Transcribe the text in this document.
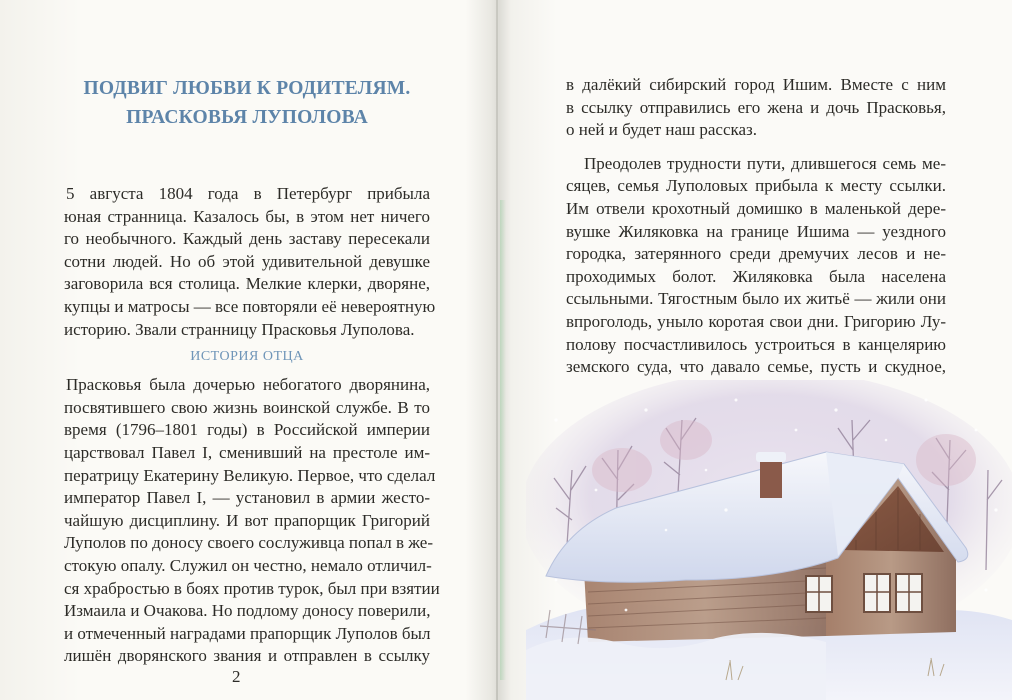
ПОДВИГ ЛЮБВИ К РОДИТЕЛЯМ.
ПРАСКОВЬЯ ЛУПОЛОВА
5 августа 1804 года в Петербург прибыла
юная странница. Казалось бы, в этом нет ничего
го необычного. Каждый день заставу пересекали
сотни людей. Но об этой удивительной девушке
заговорила вся столица. Мелкие клерки, дворяне,
купцы и матросы — все повторяли её невероятную
историю. Звали странницу Прасковья Луполова.
ИСТОРИЯ ОТЦА
Прасковья была дочерью небогатого дворянина,
посвятившего свою жизнь воинской службе. В то
время (1796–1801 годы) в Российской империи
царствовал Павел I, сменивший на престоле им-
ператрицу Екатерину Великую. Первое, что сделал
император Павел I, — установил в армии жесто-
чайшую дисциплину. И вот прапорщик Григорий
Луполов по доносу своего сослуживца попал в же-
стокую опалу. Служил он честно, немало отличил-
ся храбростью в боях против турок, был при взятии
Измаила и Очакова. Но подлому доносу поверили,
и отмеченный наградами прапорщик Луполов был
лишён дворянского звания и отправлен в ссылку
2
в далёкий сибирский город Ишим. Вместе с ним
в ссылку отправились его жена и дочь Прасковья,
о ней и будет наш рассказ.
Преодолев трудности пути, длившегося семь ме-
сяцев, семья Луполовых прибыла к месту ссылки.
Им отвели крохотный домишко в маленькой дере-
вушке Жиляковка на границе Ишима — уездного
городка, затерянного среди дремучих лесов и не-
проходимых болот. Жиляковка была населена
ссыльными. Тягостным было их житьё — жили они
впроголодь, уныло коротая свои дни. Григорию Лу-
полову посчастливилось устроиться в канцелярию
земского суда, что давало семье, пусть и скудное,
